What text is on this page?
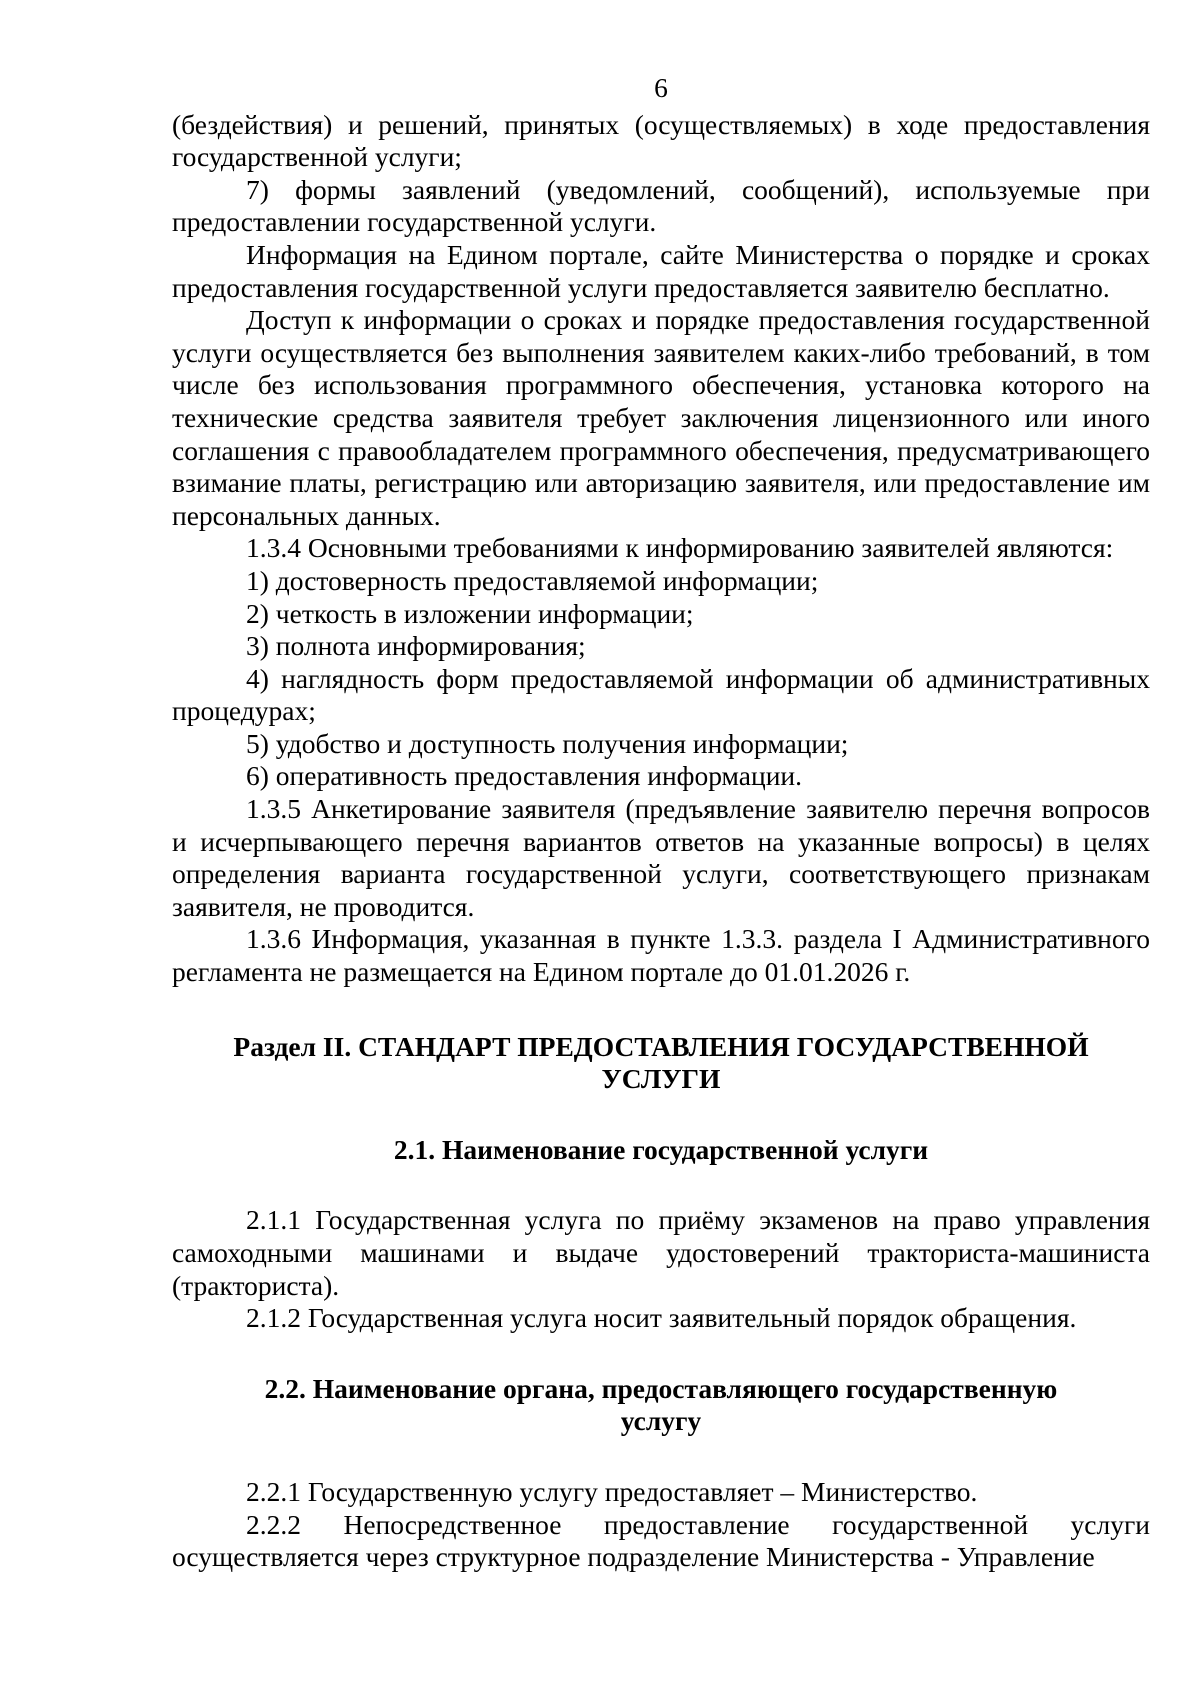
6

(бездействия) и решений, принятых (осуществляемых) в ходе предоставления государственной услуги;

7) формы заявлений (уведомлений, сообщений), используемые при предоставлении государственной услуги.

Информация на Едином портале, сайте Министерства о порядке и сроках предоставления государственной услуги предоставляется заявителю бесплатно.

Доступ к информации о сроках и порядке предоставления государственной услуги осуществляется без выполнения заявителем каких-либо требований, в том числе без использования программного обеспечения, установка которого на технические средства заявителя требует заключения лицензионного или иного соглашения с правообладателем программного обеспечения, предусматривающего взимание платы, регистрацию или авторизацию заявителя, или предоставление им персональных данных.

1.3.4 Основными требованиями к информированию заявителей являются:

1) достоверность предоставляемой информации;

2) четкость в изложении информации;

3) полнота информирования;

4) наглядность форм предоставляемой информации об административных процедурах;

5) удобство и доступность получения информации;

6) оперативность предоставления информации.

1.3.5 Анкетирование заявителя (предъявление заявителю перечня вопросов и исчерпывающего перечня вариантов ответов на указанные вопросы) в целях определения варианта государственной услуги, соответствующего признакам заявителя, не проводится.

1.3.6 Информация, указанная в пункте 1.3.3. раздела I Административного регламента не размещается на Едином портале до 01.01.2026 г.

Раздел II. СТАНДАРТ ПРЕДОСТАВЛЕНИЯ ГОСУДАРСТВЕННОЙ УСЛУГИ
2.1. Наименование государственной услуги

2.1.1 Государственная услуга по приёму экзаменов на право управления самоходными машинами и выдаче удостоверений тракториста-машиниста (тракториста).

2.1.2 Государственная услуга носит заявительный порядок обращения.

2.2. Наименование органа, предоставляющего государственную услугу

2.2.1 Государственную услугу предоставляет – Министерство.

2.2.2 Непосредственное предоставление государственной услуги осуществляется через структурное подразделение Министерства - Управление
